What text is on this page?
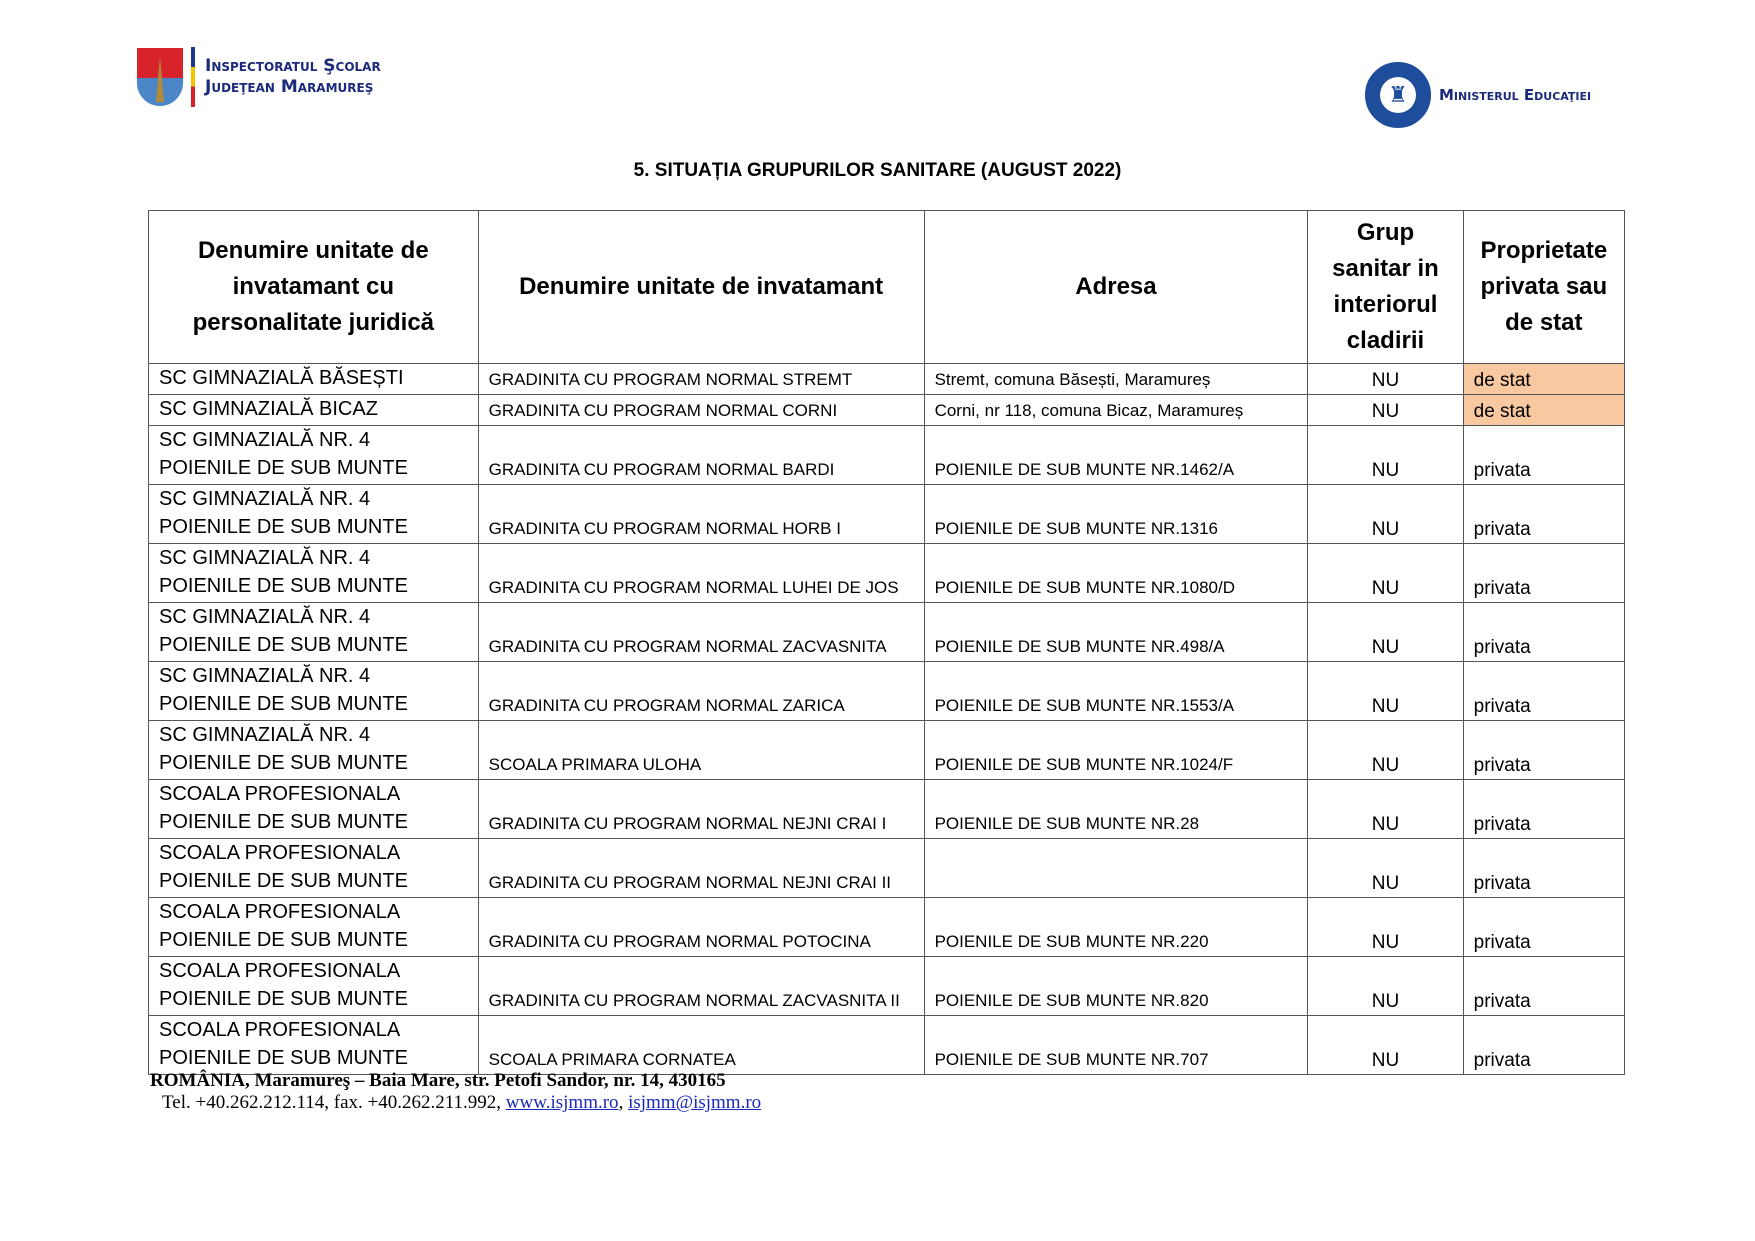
Inspectoratul Şcolar
Judeţean Maramureş	♜	Ministerul Educaţiei
5. SITUAȚIA GRUPURILOR SANITARE (AUGUST 2022)
Denumire unitate de invatamant cu personalitate juridică	Denumire unitate de invatamant	Adresa	Grup sanitar in interiorul cladirii	Proprietate privata sau de stat
SC GIMNAZIALĂ BĂSEȘTI	GRADINITA CU PROGRAM NORMAL STREMT	Stremt, comuna Băsești, Maramureș	NU	de stat
SC GIMNAZIALĂ BICAZ	GRADINITA CU PROGRAM NORMAL CORNI	Corni, nr 118, comuna Bicaz, Maramureș	NU	de stat
SC GIMNAZIALĂ NR. 4 POIENILE DE SUB MUNTE	GRADINITA CU PROGRAM NORMAL BARDI	POIENILE DE SUB MUNTE NR.1462/A	NU	privata
SC GIMNAZIALĂ NR. 4 POIENILE DE SUB MUNTE	GRADINITA CU PROGRAM NORMAL HORB I	POIENILE DE SUB MUNTE NR.1316	NU	privata
SC GIMNAZIALĂ NR. 4 POIENILE DE SUB MUNTE	GRADINITA CU PROGRAM NORMAL LUHEI DE JOS	POIENILE DE SUB MUNTE NR.1080/D	NU	privata
SC GIMNAZIALĂ NR. 4 POIENILE DE SUB MUNTE	GRADINITA CU PROGRAM NORMAL ZACVASNITA	POIENILE DE SUB MUNTE NR.498/A	NU	privata
SC GIMNAZIALĂ NR. 4 POIENILE DE SUB MUNTE	GRADINITA CU PROGRAM NORMAL ZARICA	POIENILE DE SUB MUNTE NR.1553/A	NU	privata
SC GIMNAZIALĂ NR. 4 POIENILE DE SUB MUNTE	SCOALA PRIMARA ULOHA	POIENILE DE SUB MUNTE NR.1024/F	NU	privata
SCOALA PROFESIONALA POIENILE DE SUB MUNTE	GRADINITA CU PROGRAM NORMAL NEJNI CRAI I	POIENILE DE SUB MUNTE NR.28	NU	privata
SCOALA PROFESIONALA POIENILE DE SUB MUNTE	GRADINITA CU PROGRAM NORMAL NEJNI CRAI II		NU	privata
SCOALA PROFESIONALA POIENILE DE SUB MUNTE	GRADINITA CU PROGRAM NORMAL POTOCINA	POIENILE DE SUB MUNTE NR.220	NU	privata
SCOALA PROFESIONALA POIENILE DE SUB MUNTE	GRADINITA CU PROGRAM NORMAL ZACVASNITA II	POIENILE DE SUB MUNTE NR.820	NU	privata
SCOALA PROFESIONALA POIENILE DE SUB MUNTE	SCOALA PRIMARA CORNATEA	POIENILE DE SUB MUNTE NR.707	NU	privata
ROMÂNIA, Maramureş – Baia Mare, str. Petofi Sandor, nr. 14, 430165
Tel. +40.262.212.114, fax. +40.262.211.992, www.isjmm.ro, isjmm@isjmm.ro
